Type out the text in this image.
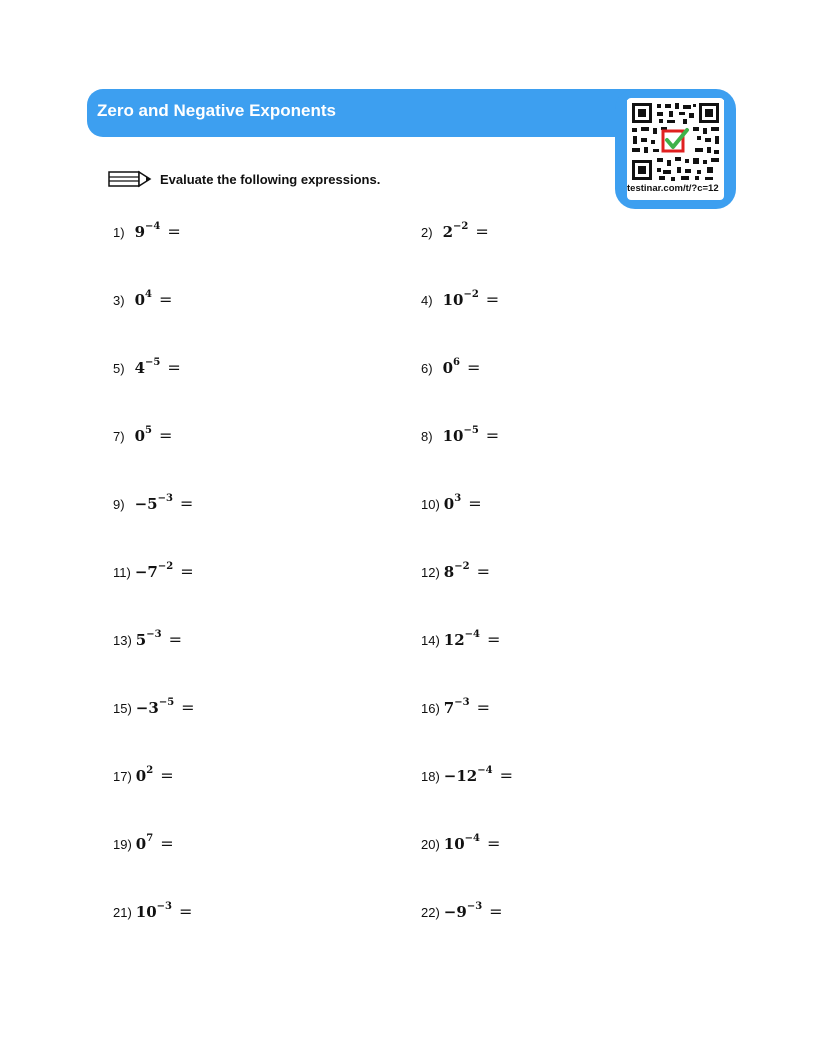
Zero and Negative Exponents
testinar.com/t/?c=12
Evaluate the following expressions.
1) $9^{-4}$ =	2) $2^{-2}$ =
3) $0^4$ =	4) $10^{-2}$ =
5) $4^{-5}$ =	6) $0^6$ =
7) $0^5$ =	8) $10^{-5}$ =
$9) -5^{-3}$ =	10) $0^3$ =
$11) -7^{-2}$ =	12) $8^{-2}$ =
13) $5^{-3}$ =	14) $12^{-4}$ =
$15) -3^{-5}$ =	16) $7^{-3}$ =
17) $0^2$ =	$18) -12^{-4}$ =
19) $0^7$ =	20) $10^{-4}$ =
21) $10^{-3}$ =	$22) -9^{-3}$ =
